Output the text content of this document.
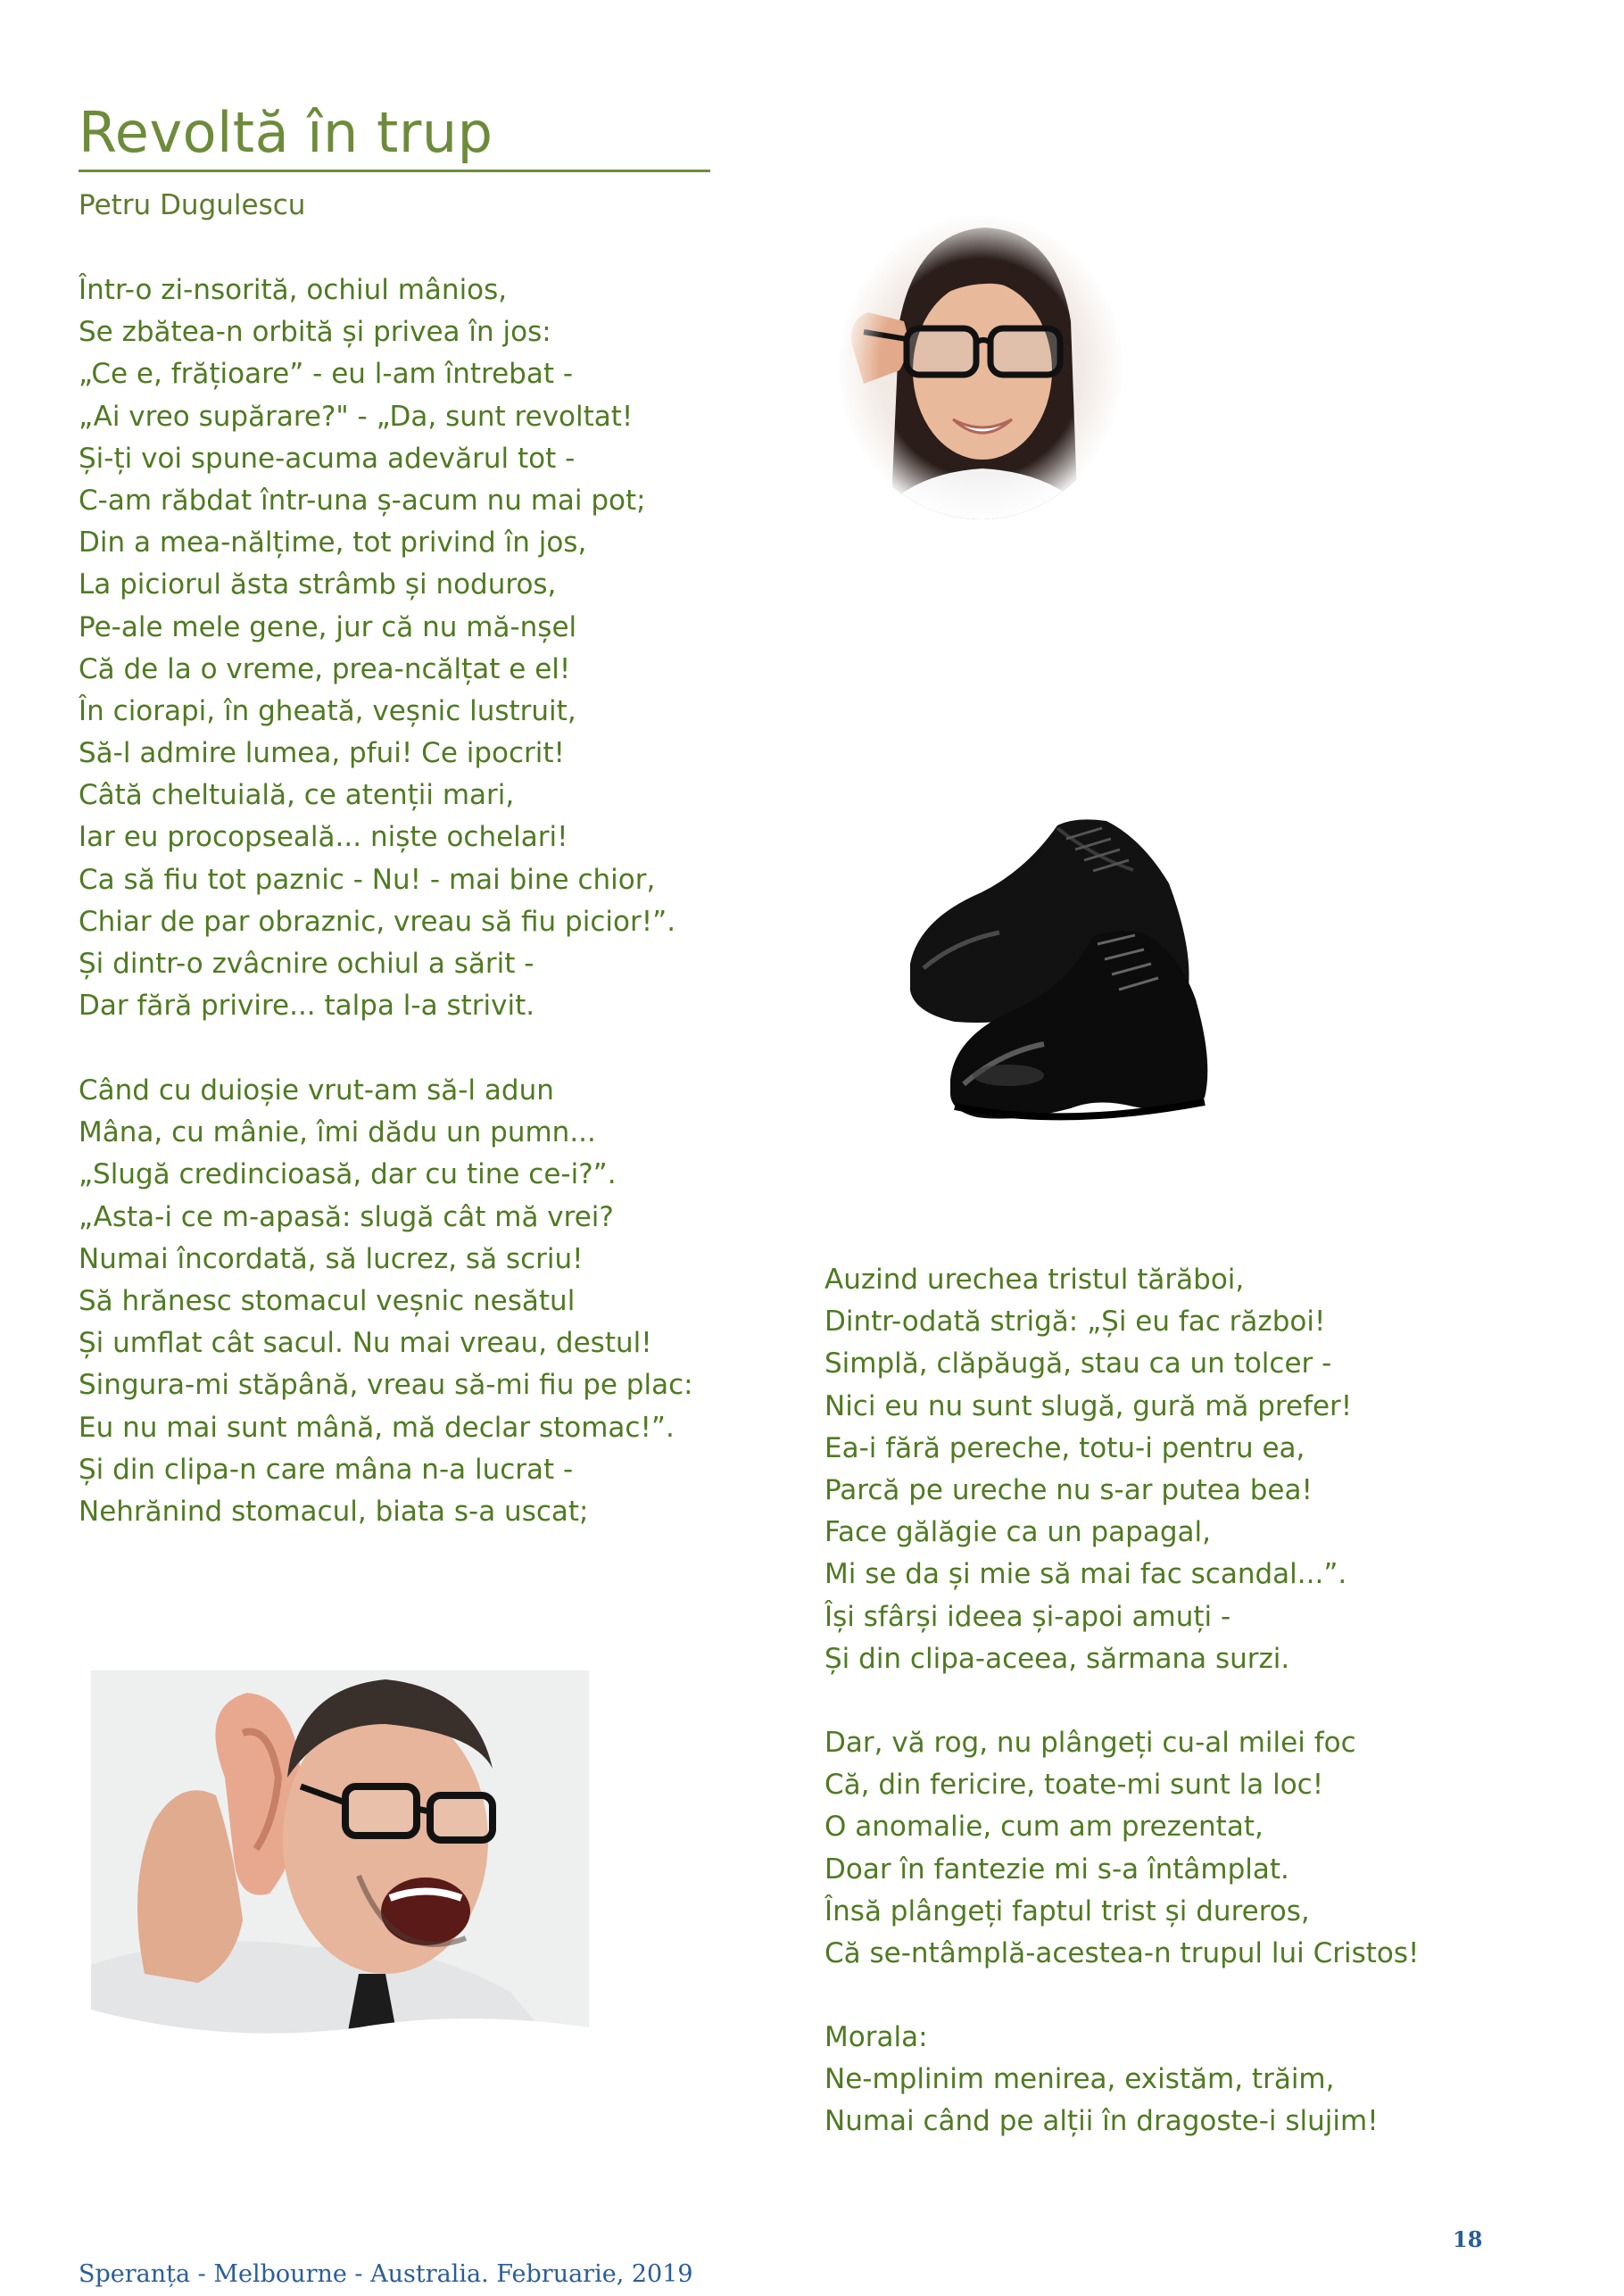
Revoltă în trup
Petru Dugulescu
Într-o zi-nsorită, ochiul mânios,
Se zbătea-n orbită și privea în jos:
„Ce e, frățioare” - eu l-am întrebat -
„Ai vreo supărare?" - „Da, sunt revoltat!
Și-ți voi spune-acuma adevărul tot -
C-am răbdat într-una ș-acum nu mai pot;
Din a mea-nălțime, tot privind în jos,
La piciorul ăsta strâmb și noduros,
Pe-ale mele gene, jur că nu mă-nșel
Că de la o vreme, prea-ncălțat e el!
În ciorapi, în gheată, veșnic lustruit,
Să-l admire lumea, pfui! Ce ipocrit!
Câtă cheltuială, ce atenții mari,
Iar eu procopseală... niște ochelari!
Ca să fiu tot paznic - Nu! - mai bine chior,
Chiar de par obraznic, vreau să fiu picior!”.
Și dintr-o zvâcnire ochiul a sărit -
Dar fără privire... talpa l-a strivit.
Când cu duioșie vrut-am să-l adun
Mâna, cu mânie, îmi dădu un pumn...
„Slugă credincioasă, dar cu tine ce-i?”.
„Asta-i ce m-apasă: slugă cât mă vrei?
Numai încordată, să lucrez, să scriu!
Să hrănesc stomacul veșnic nesătul
Și umflat cât sacul. Nu mai vreau, destul!
Singura-mi stăpână, vreau să-mi fiu pe plac:
Eu nu mai sunt mână, mă declar stomac!”.
Și din clipa-n care mâna n-a lucrat -
Nehrănind stomacul, biata s-a uscat;
Auzind urechea tristul tărăboi,
Dintr-odată strigă: „Și eu fac război!
Simplă, clăpăugă, stau ca un tolcer -
Nici eu nu sunt slugă, gură mă prefer!
Ea-i fără pereche, totu-i pentru ea,
Parcă pe ureche nu s-ar putea bea!
Face gălăgie ca un papagal,
Mi se da și mie să mai fac scandal...”.
Își sfârși ideea și-apoi amuți -
Și din clipa-aceea, sărmana surzi.
Dar, vă rog, nu plângeți cu-al milei foc
Că, din fericire, toate-mi sunt la loc!
O anomalie, cum am prezentat,
Doar în fantezie mi s-a întâmplat.
Însă plângeți faptul trist și dureros,
Că se-ntâmplă-acestea-n trupul lui Cristos!
Morala:
Ne-mplinim menirea, existăm, trăim,
Numai când pe alții în dragoste-i slujim!
18
Speranța - Melbourne - Australia. Februarie, 2019
